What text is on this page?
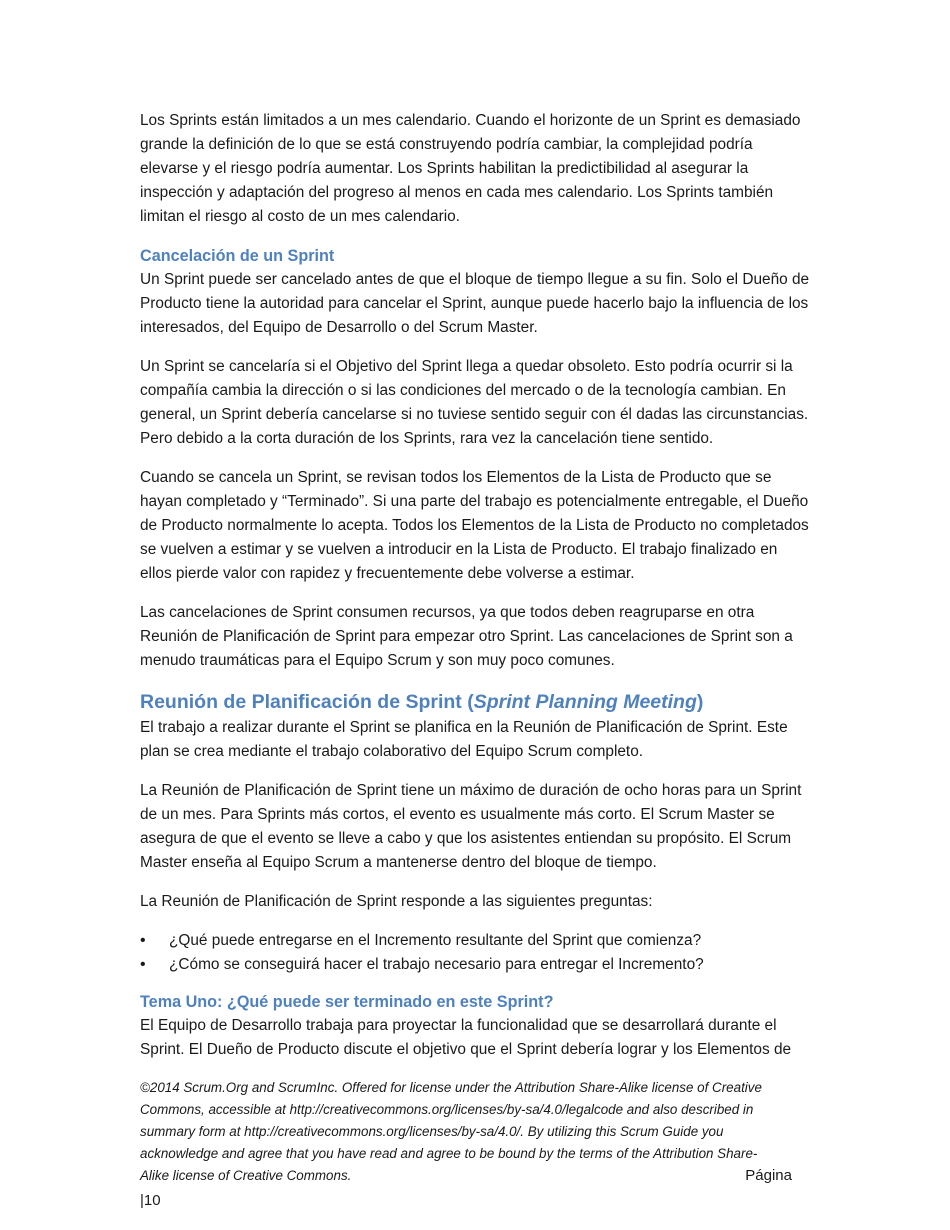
Los Sprints están limitados a un mes calendario. Cuando el horizonte de un Sprint es demasiado grande la definición de lo que se está construyendo podría cambiar, la complejidad podría elevarse y el riesgo podría aumentar. Los Sprints habilitan la predictibilidad al asegurar la inspección y adaptación del progreso al menos en cada mes calendario. Los Sprints también limitan el riesgo al costo de un mes calendario.

Cancelación de un Sprint

Un Sprint puede ser cancelado antes de que el bloque de tiempo llegue a su fin. Solo el Dueño de Producto tiene la autoridad para cancelar el Sprint, aunque puede hacerlo bajo la influencia de los interesados, del Equipo de Desarrollo o del Scrum Master.

Un Sprint se cancelaría si el Objetivo del Sprint llega a quedar obsoleto. Esto podría ocurrir si la compañía cambia la dirección o si las condiciones del mercado o de la tecnología cambian. En general, un Sprint debería cancelarse si no tuviese sentido seguir con él dadas las circunstancias. Pero debido a la corta duración de los Sprints, rara vez la cancelación tiene sentido.

Cuando se cancela un Sprint, se revisan todos los Elementos de la Lista de Producto que se hayan completado y “Terminado”. Si una parte del trabajo es potencialmente entregable, el Dueño de Producto normalmente lo acepta. Todos los Elementos de la Lista de Producto no completados se vuelven a estimar y se vuelven a introducir en la Lista de Producto. El trabajo finalizado en ellos pierde valor con rapidez y frecuentemente debe volverse a estimar.

Las cancelaciones de Sprint consumen recursos, ya que todos deben reagruparse en otra Reunión de Planificación de Sprint para empezar otro Sprint. Las cancelaciones de Sprint son a menudo traumáticas para el Equipo Scrum y son muy poco comunes.

Reunión de Planificación de Sprint (Sprint Planning Meeting)

El trabajo a realizar durante el Sprint se planifica en la Reunión de Planificación de Sprint. Este plan se crea mediante el trabajo colaborativo del Equipo Scrum completo.

La Reunión de Planificación de Sprint tiene un máximo de duración de ocho horas para un Sprint de un mes. Para Sprints más cortos, el evento es usualmente más corto. El Scrum Master se asegura de que el evento se lleve a cabo y que los asistentes entiendan su propósito. El Scrum Master enseña al Equipo Scrum a mantenerse dentro del bloque de tiempo.

La Reunión de Planificación de Sprint responde a las siguientes preguntas:

• ¿Qué puede entregarse en el Incremento resultante del Sprint que comienza?
• ¿Cómo se conseguirá hacer el trabajo necesario para entregar el Incremento?
Tema Uno: ¿Qué puede ser terminado en este Sprint?

El Equipo de Desarrollo trabaja para proyectar la funcionalidad que se desarrollará durante el Sprint. El Dueño de Producto discute el objetivo que el Sprint debería lograr y los Elementos de

©2014 Scrum.Org and ScrumInc. Offered for license under the Attribution Share-Alike license of Creative
Commons, accessible at http://creativecommons.org/licenses/by-sa/4.0/legalcode and also described in
summary form at http://creativecommons.org/licenses/by-sa/4.0/. By utilizing this Scrum Guide you
acknowledge and agree that you have read and agree to be bound by the terms of the Attribution Share-
Alike license of Creative Commons.	Página
|10
